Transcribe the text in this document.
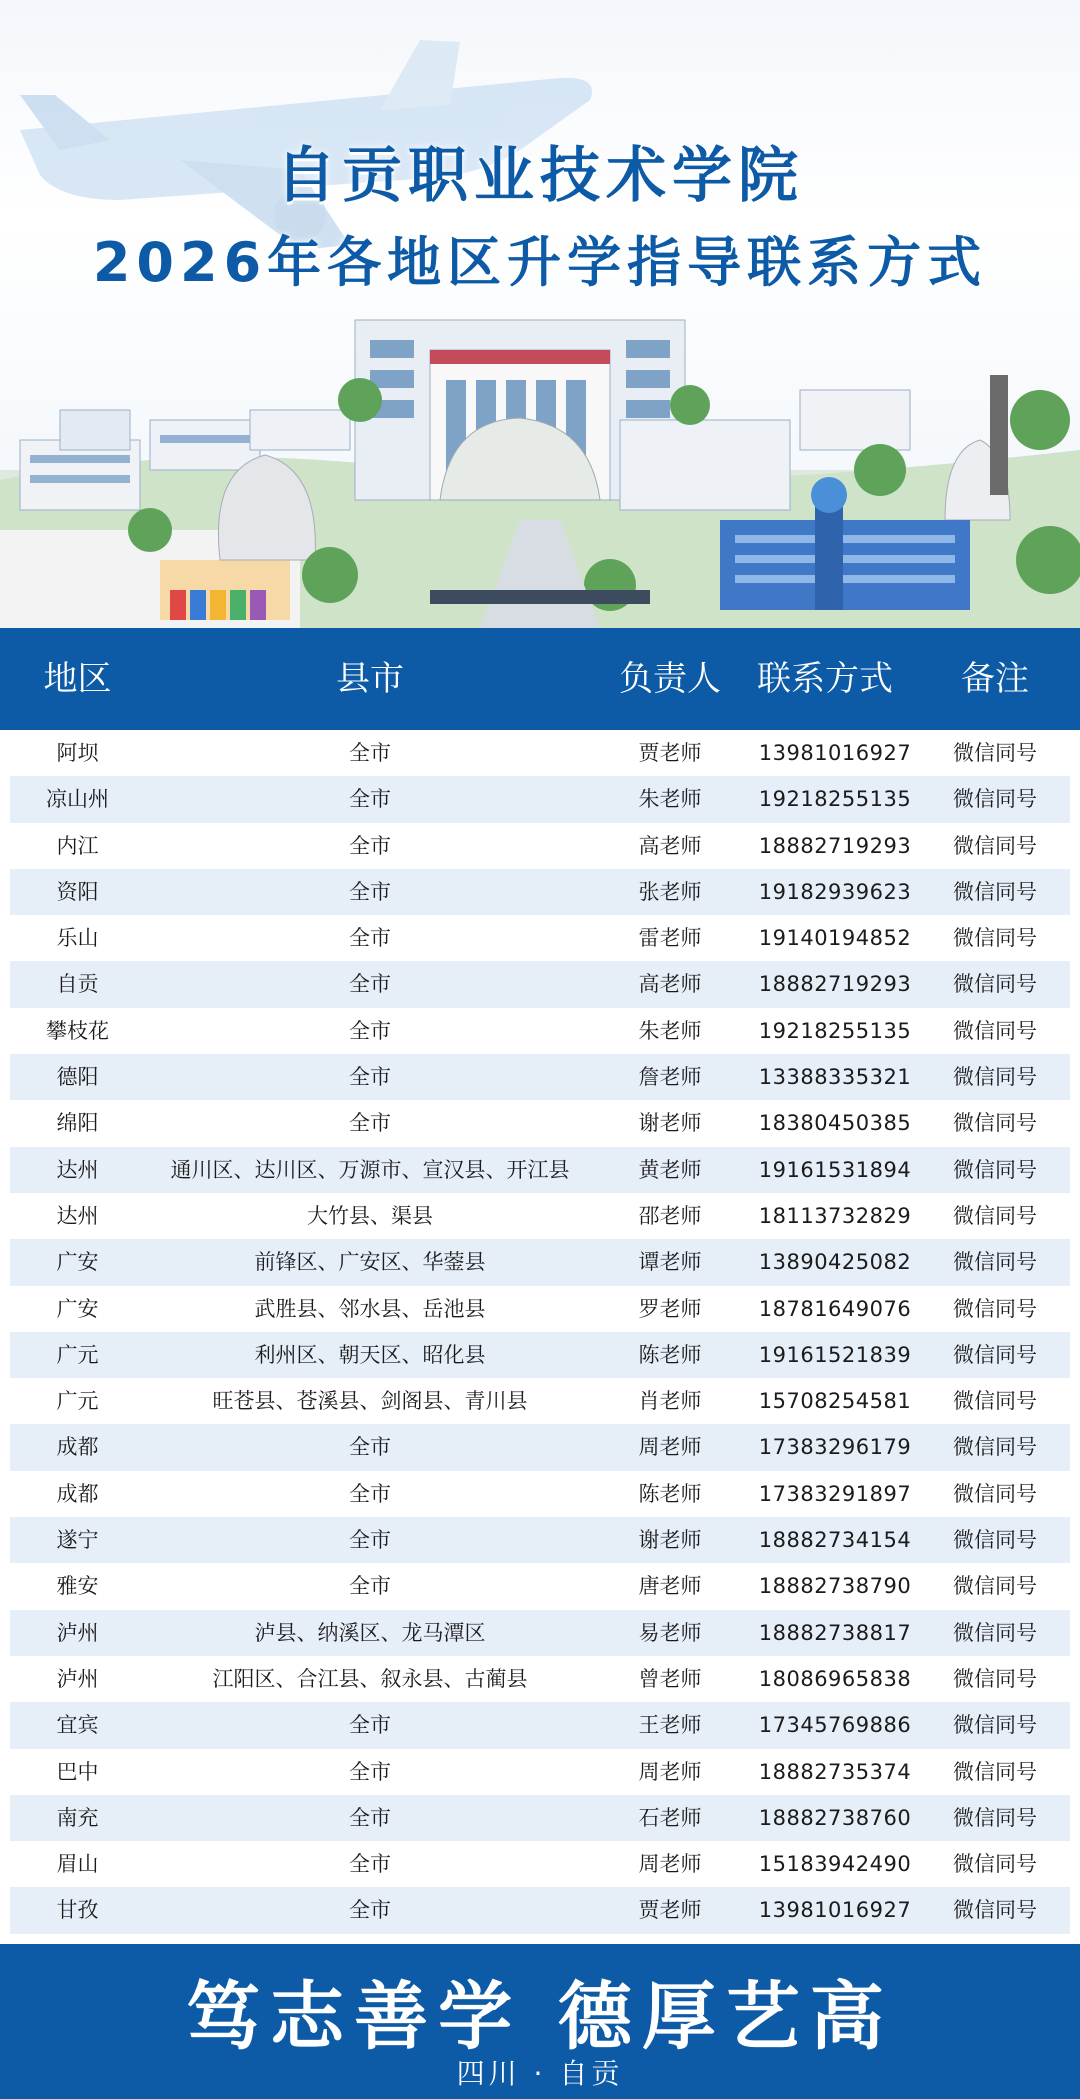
自贡职业技术学院
2026年各地区升学指导联系方式
地区	县市	负责人	联系方式	备注
阿坝	全市	贾老师	13981016927	微信同号
凉山州	全市	朱老师	19218255135	微信同号
内江	全市	高老师	18882719293	微信同号
资阳	全市	张老师	19182939623	微信同号
乐山	全市	雷老师	19140194852	微信同号
自贡	全市	高老师	18882719293	微信同号
攀枝花	全市	朱老师	19218255135	微信同号
德阳	全市	詹老师	13388335321	微信同号
绵阳	全市	谢老师	18380450385	微信同号
达州	通川区、达川区、万源市、宣汉县、开江县	黄老师	19161531894	微信同号
达州	大竹县、渠县	邵老师	18113732829	微信同号
广安	前锋区、广安区、华蓥县	谭老师	13890425082	微信同号
广安	武胜县、邻水县、岳池县	罗老师	18781649076	微信同号
广元	利州区、朝天区、昭化县	陈老师	19161521839	微信同号
广元	旺苍县、苍溪县、剑阁县、青川县	肖老师	15708254581	微信同号
成都	全市	周老师	17383296179	微信同号
成都	全市	陈老师	17383291897	微信同号
遂宁	全市	谢老师	18882734154	微信同号
雅安	全市	唐老师	18882738790	微信同号
泸州	泸县、纳溪区、龙马潭区	易老师	18882738817	微信同号
泸州	江阳区、合江县、叙永县、古蔺县	曾老师	18086965838	微信同号
宜宾	全市	王老师	17345769886	微信同号
巴中	全市	周老师	18882735374	微信同号
南充	全市	石老师	18882738760	微信同号
眉山	全市	周老师	15183942490	微信同号
甘孜	全市	贾老师	13981016927	微信同号
笃志善学 德厚艺高
四川 · 自贡
